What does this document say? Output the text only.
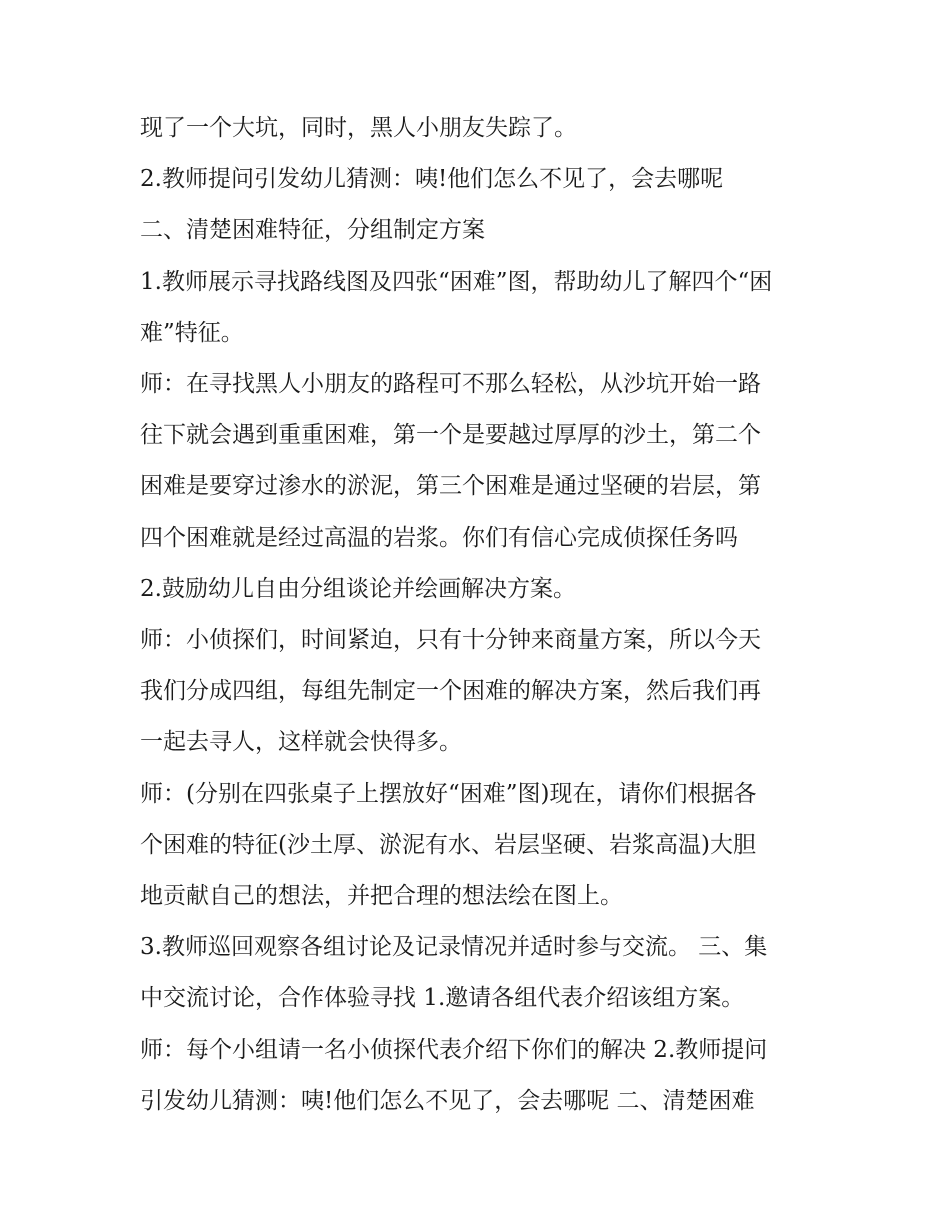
现了一个大坑，同时，黑人小朋友失踪了。

2.教师提问引发幼儿猜测：咦!他们怎么不见了，会去哪呢

二、清楚困难特征，分组制定方案

1.教师展示寻找路线图及四张“困难”图，帮助幼儿了解四个“困

难”特征。

师：在寻找黑人小朋友的路程可不那么轻松，从沙坑开始一路

往下就会遇到重重困难，第一个是要越过厚厚的沙土，第二个

困难是要穿过渗水的淤泥，第三个困难是通过坚硬的岩层，第

四个困难就是经过高温的岩浆。你们有信心完成侦探任务吗

2.鼓励幼儿自由分组谈论并绘画解决方案。

师：小侦探们，时间紧迫，只有十分钟来商量方案，所以今天

我们分成四组，每组先制定一个困难的解决方案，然后我们再

一起去寻人，这样就会快得多。

师：(分别在四张桌子上摆放好“困难”图)现在，请你们根据各

个困难的特征(沙土厚、淤泥有水、岩层坚硬、岩浆高温)大胆

地贡献自己的想法，并把合理的想法绘在图上。

3.教师巡回观察各组讨论及记录情况并适时参与交流。 三、集

中交流讨论，合作体验寻找 1.邀请各组代表介绍该组方案。

师：每个小组请一名小侦探代表介绍下你们的解决 2.教师提问

引发幼儿猜测：咦!他们怎么不见了，会去哪呢 二、清楚困难
